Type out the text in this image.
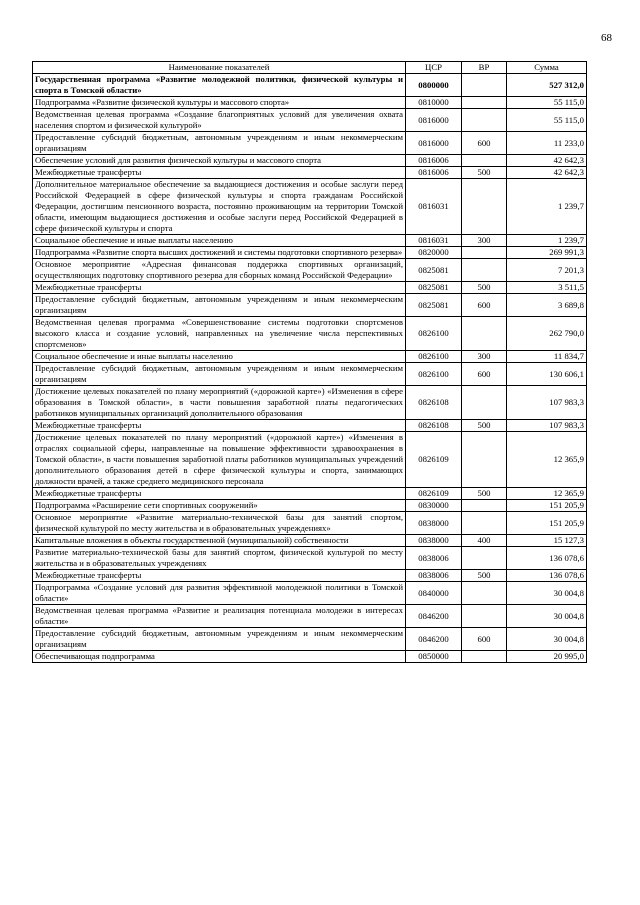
68
Наименование показателей	ЦСР	ВР	Сумма
Государственная программа «Развитие молодежной политики, физической культуры и спорта в Томской области»	0800000		527 312,0
Подпрограмма «Развитие физической культуры и массового спорта»	0810000		55 115,0
Ведомственная целевая программа «Создание благоприятных условий для увеличения охвата населения спортом и физической культурой»	0816000		55 115,0
Предоставление субсидий бюджетным, автономным учреждениям и иным некоммерческим организациям	0816000	600	11 233,0
Обеспечение условий для развития физической культуры и массового спорта	0816006		42 642,3
Межбюджетные трансферты	0816006	500	42 642,3
Дополнительное материальное обеспечение за выдающиеся достижения и особые заслуги перед Российской Федерацией в сфере физической культуры и спорта гражданам Российской Федерации, достигшим пенсионного возраста, постоянно проживающим на территории Томской области, имеющим выдающиеся достижения и особые заслуги перед Российской Федерацией в сфере физической культуры и спорта	0816031		1 239,7
Социальное обеспечение и иные выплаты населению	0816031	300	1 239,7
Подпрограмма «Развитие спорта высших достижений и системы подготовки спортивного резерва»	0820000		269 991,3
Основное мероприятие «Адресная финансовая поддержка спортивных организаций, осуществляющих подготовку спортивного резерва для сборных команд Российской Федерации»	0825081		7 201,3
Межбюджетные трансферты	0825081	500	3 511,5
Предоставление субсидий бюджетным, автономным учреждениям и иным некоммерческим организациям	0825081	600	3 689,8
Ведомственная целевая программа «Совершенствование системы подготовки спортсменов высокого класса и создание условий, направленных на увеличение числа перспективных спортсменов»	0826100		262 790,0
Социальное обеспечение и иные выплаты населению	0826100	300	11 834,7
Предоставление субсидий бюджетным, автономным учреждениям и иным некоммерческим организациям	0826100	600	130 606,1
Достижение целевых показателей по плану мероприятий («дорожной карте») «Изменения в сфере образования в Томской области», в части повышения заработной платы педагогических работников муниципальных организаций дополнительного образования	0826108		107 983,3
Межбюджетные трансферты	0826108	500	107 983,3
Достижение целевых показателей по плану мероприятий («дорожной карте») «Изменения в отраслях социальной сферы, направленные на повышение эффективности здравоохранения в Томской области», в части повышения заработной платы работников муниципальных учреждений дополнительного образования детей в сфере физической культуры и спорта, занимающих должности врачей, а также среднего медицинского персонала	0826109		12 365,9
Межбюджетные трансферты	0826109	500	12 365,9
Подпрограмма «Расширение сети спортивных сооружений»	0830000		151 205,9
Основное мероприятие «Развитие материально-технической базы для занятий спортом, физической культурой по месту жительства и в образовательных учреждениях»	0838000		151 205,9
Капитальные вложения в объекты государственной (муниципальной) собственности	0838000	400	15 127,3
Развитие материально-технической базы для занятий спортом, физической культурой по месту жительства и в образовательных учреждениях	0838006		136 078,6
Межбюджетные трансферты	0838006	500	136 078,6
Подпрограмма «Создание условий для развития эффективной молодежной политики в Томской области»	0840000		30 004,8
Ведомственная целевая программа «Развитие и реализация потенциала молодежи в интересах области»	0846200		30 004,8
Предоставление субсидий бюджетным, автономным учреждениям и иным некоммерческим организациям	0846200	600	30 004,8
Обеспечивающая подпрограмма	0850000		20 995,0
